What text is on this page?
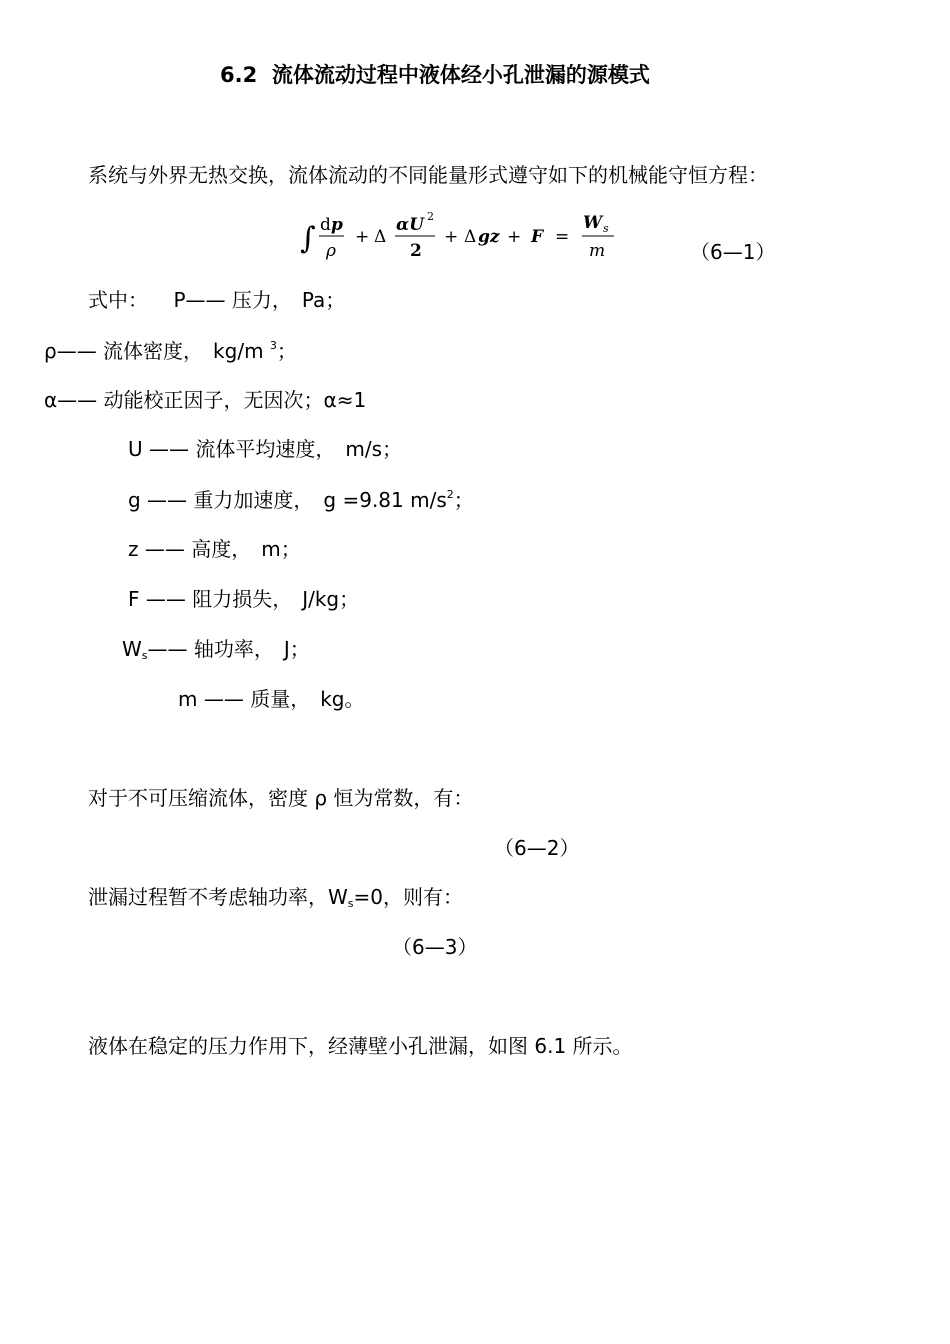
6.2 流体流动过程中液体经小孔泄漏的源模式
系统与外界无热交换，流体流动的不同能量形式遵守如下的机械能守恒方程：
∫ d p
ρ
+ Δ
αU 2
2
+ Δ gz + F =
W s
m	（6—1）
式中： P—— 压力，　Pa；
ρ—— 流体密度，　kg/m $^3$；
α—— 动能校正因子，无因次；α≈1
U —— 流体平均速度，　m/s；
g —— 重力加速度，　g =9.81 $m/s^2$；
z —— 高度，　m；
F —— 阻力损失，　J/kg；
$W_s——$ 轴功率，　J；
m —— 质量，　kg。
对于不可压缩流体，密度 ρ 恒为常数，有：
（6—2）
泄漏过程暂不考虑轴功率，$W_s=0$，则有：
（6—3）
液体在稳定的压力作用下，经薄壁小孔泄漏，如图 6.1 所示。
